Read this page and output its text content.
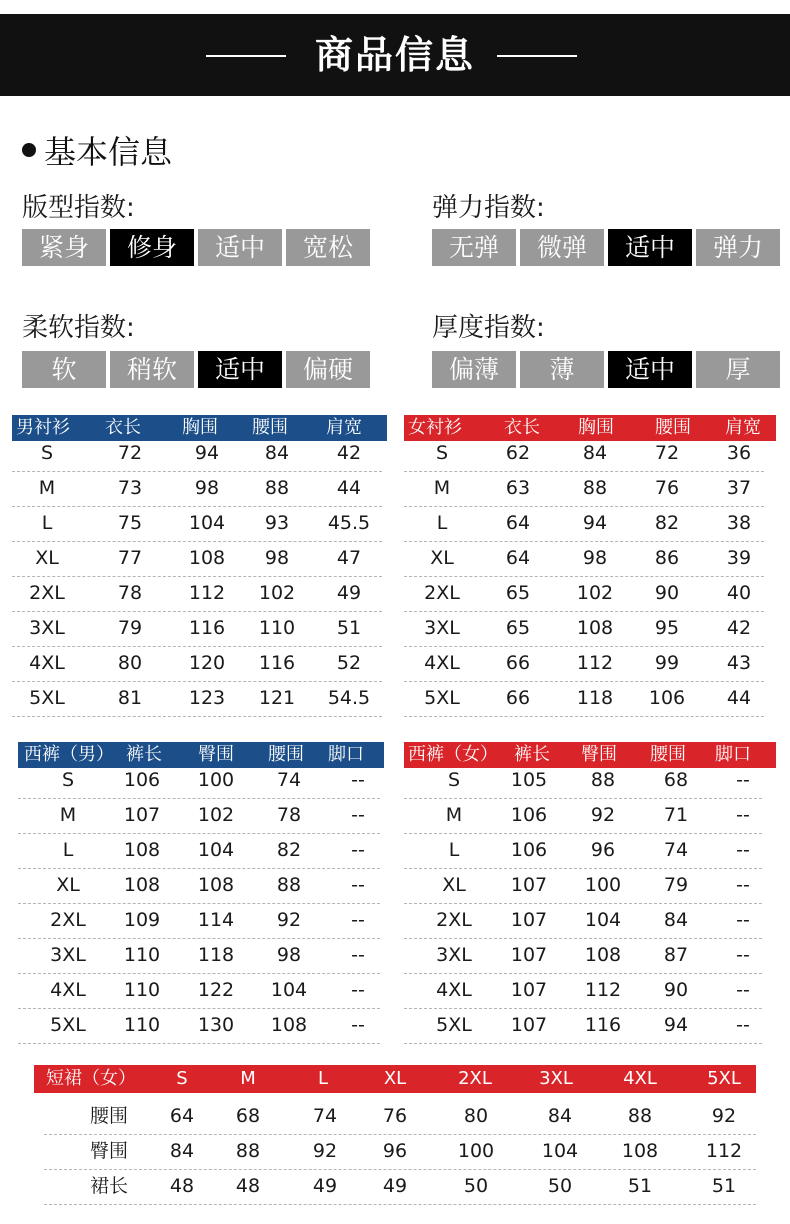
商品信息
基本信息
版型指数:
紧身	修身	适中	宽松
弹力指数:
无弹	微弹	适中	弹力
柔软指数:
软	稍软	适中	偏硬
厚度指数:
偏薄	薄	适中	厚
男衬衫 衣长 胸围 腰围 肩宽
S	72	94 84	42
M	73	98 88	44
L	75 104 93 45.5
XL	77 108 98	47
2XL	78 112 102 49
3XL	79 116 110 51
4XL	80 120 116 52
5XL	81 123 121 54.5
女衬衫 衣长 胸围 腰围 肩宽
S	62	84	72	36
M	63	88	76	37
L	64	94	82	38
XL	64	98	86	39
2XL 65 102 90	40
3XL 65 108 95	42
4XL 66 112 99	43
5XL 66 118 106 44
西裤（男） 裤长 臀围 腰围 脚口
S	106 100 74	--
M	107 102 78	--
L	108 104 82	--
XL 108 108 88	--
2XL 109 114 92	--
3XL 110 118 98	--
4XL 110 122 104 --
5XL 110 130 108 --
西裤（女） 裤长 臀围 腰围 脚口
S	105 88	68	--
M	106 92	71	--
L	106 96	74	--
XL 107 100 79	--
2XL 107 104 84	--
3XL 107 108 87	--
4XL 107 112 90	--
5XL 107 116 94	--
短裙（女） S	M	L	XL	2XL	3XL	4XL	5XL
腰围 64 68	74 76	80	84	88	92
臀围 84 88	92 96	100	104 108	112
裙长 48 48	49 49	50	50	51	51
